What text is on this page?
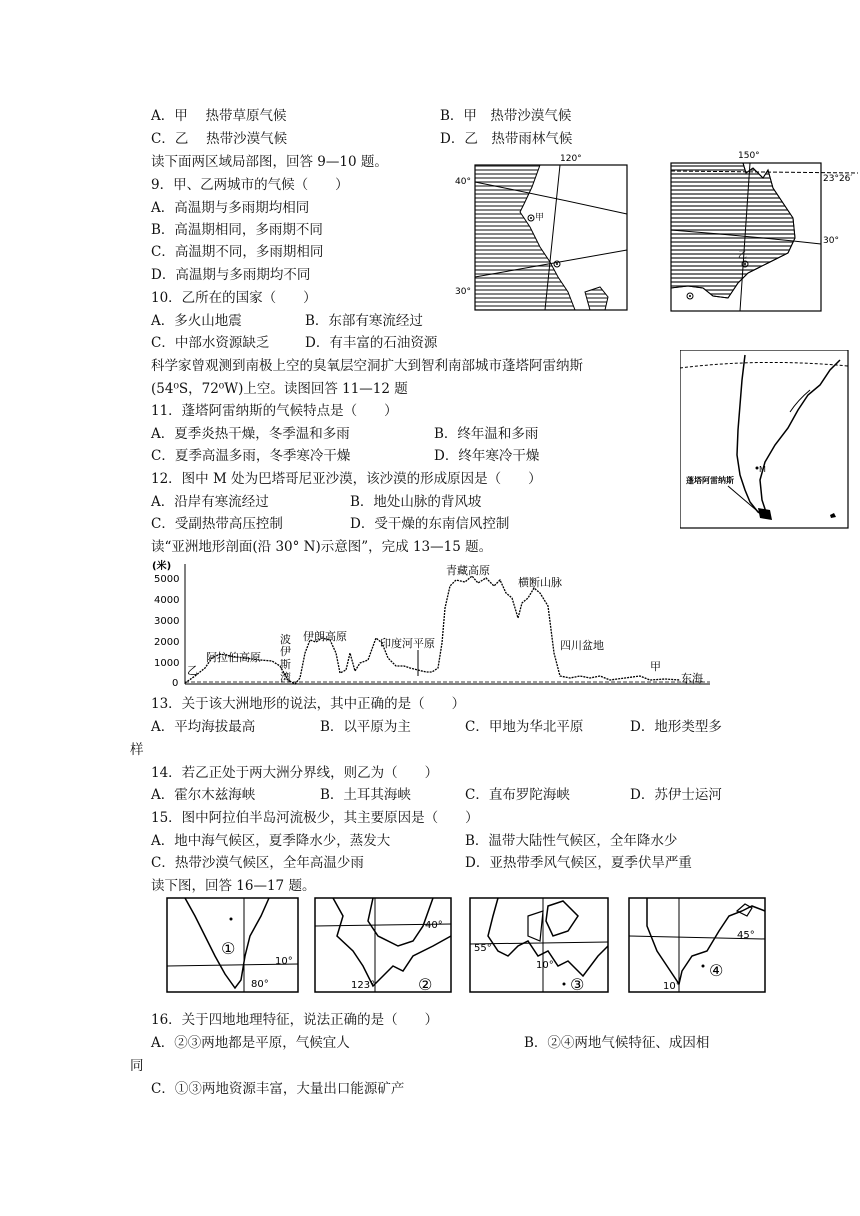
A．甲　 热带草原气候	B．甲　热带沙漠气候
C．乙　 热带沙漠气候	D．乙　热带雨林气候
读下面两区域局部图，回答 9—10 题。
9．甲、乙两城市的气候（　　）
A．高温期与多雨期均相同
B．高温期相同，多雨期不同
C．高温期不同，多雨期相同
D．高温期与多雨期均不同
10．乙所在的国家（　　）
A．多火山地震	B．东部有寒流经过
C．中部水资源缺乏	D．有丰富的石油资源
科学家曾观测到南极上空的臭氧层空洞扩大到智利南部城市蓬塔阿雷纳斯
(54⁰S，72⁰W)上空。读图回答 11—12 题
11．蓬塔阿雷纳斯的气候特点是（　　）
A．夏季炎热干燥，冬季温和多雨	B．终年温和多雨
C．夏季高温多雨，冬季寒冷干燥	D．终年寒冷干燥
12．图中 M 处为巴塔哥尼亚沙漠，该沙漠的形成原因是（　　）
A．沿岸有寒流经过	B．地处山脉的背风坡
C．受副热带高压控制	D．受干燥的东南信风控制
读“亚洲地形剖面(沿 30° N)示意图”，完成 13—15 题。
120°
40°
30°
甲
150°
23°26′
30°
乙
M
蓬塔阿雷纳斯
(米)
5000
4000
3000
2000
1000
0
乙
阿拉伯高原
波
斯
湾
伊
伊朗高原
印度河平原
青藏高原
横断山脉
四川盆地
甲
东海
13．关于该大洲地形的说法，其中正确的是（　　）
A．平均海拔最高	B．以平原为主	C．甲地为华北平原	D．地形类型多
样
14．若乙正处于两大洲分界线，则乙为（　　）
A．霍尔木兹海峡	B．土耳其海峡	C．直布罗陀海峡	D．苏伊士运河
15．图中阿拉伯半岛河流极少，其主要原因是（　　）
A．地中海气候区，夏季降水少，蒸发大	B．温带大陆性气候区，全年降水少
C．热带沙漠气候区，全年高温少雨	D．亚热带季风气候区，夏季伏旱严重
读下图，回答 16—17 题。
①
10°
80°
40°
123°	②
55°
10°
③
45°
10°
④
16．关于四地地理特征，说法正确的是（　　）
A．②③两地都是平原，气候宜人	B．②④两地气候特征、成因相
同
C．①③两地资源丰富，大量出口能源矿产
